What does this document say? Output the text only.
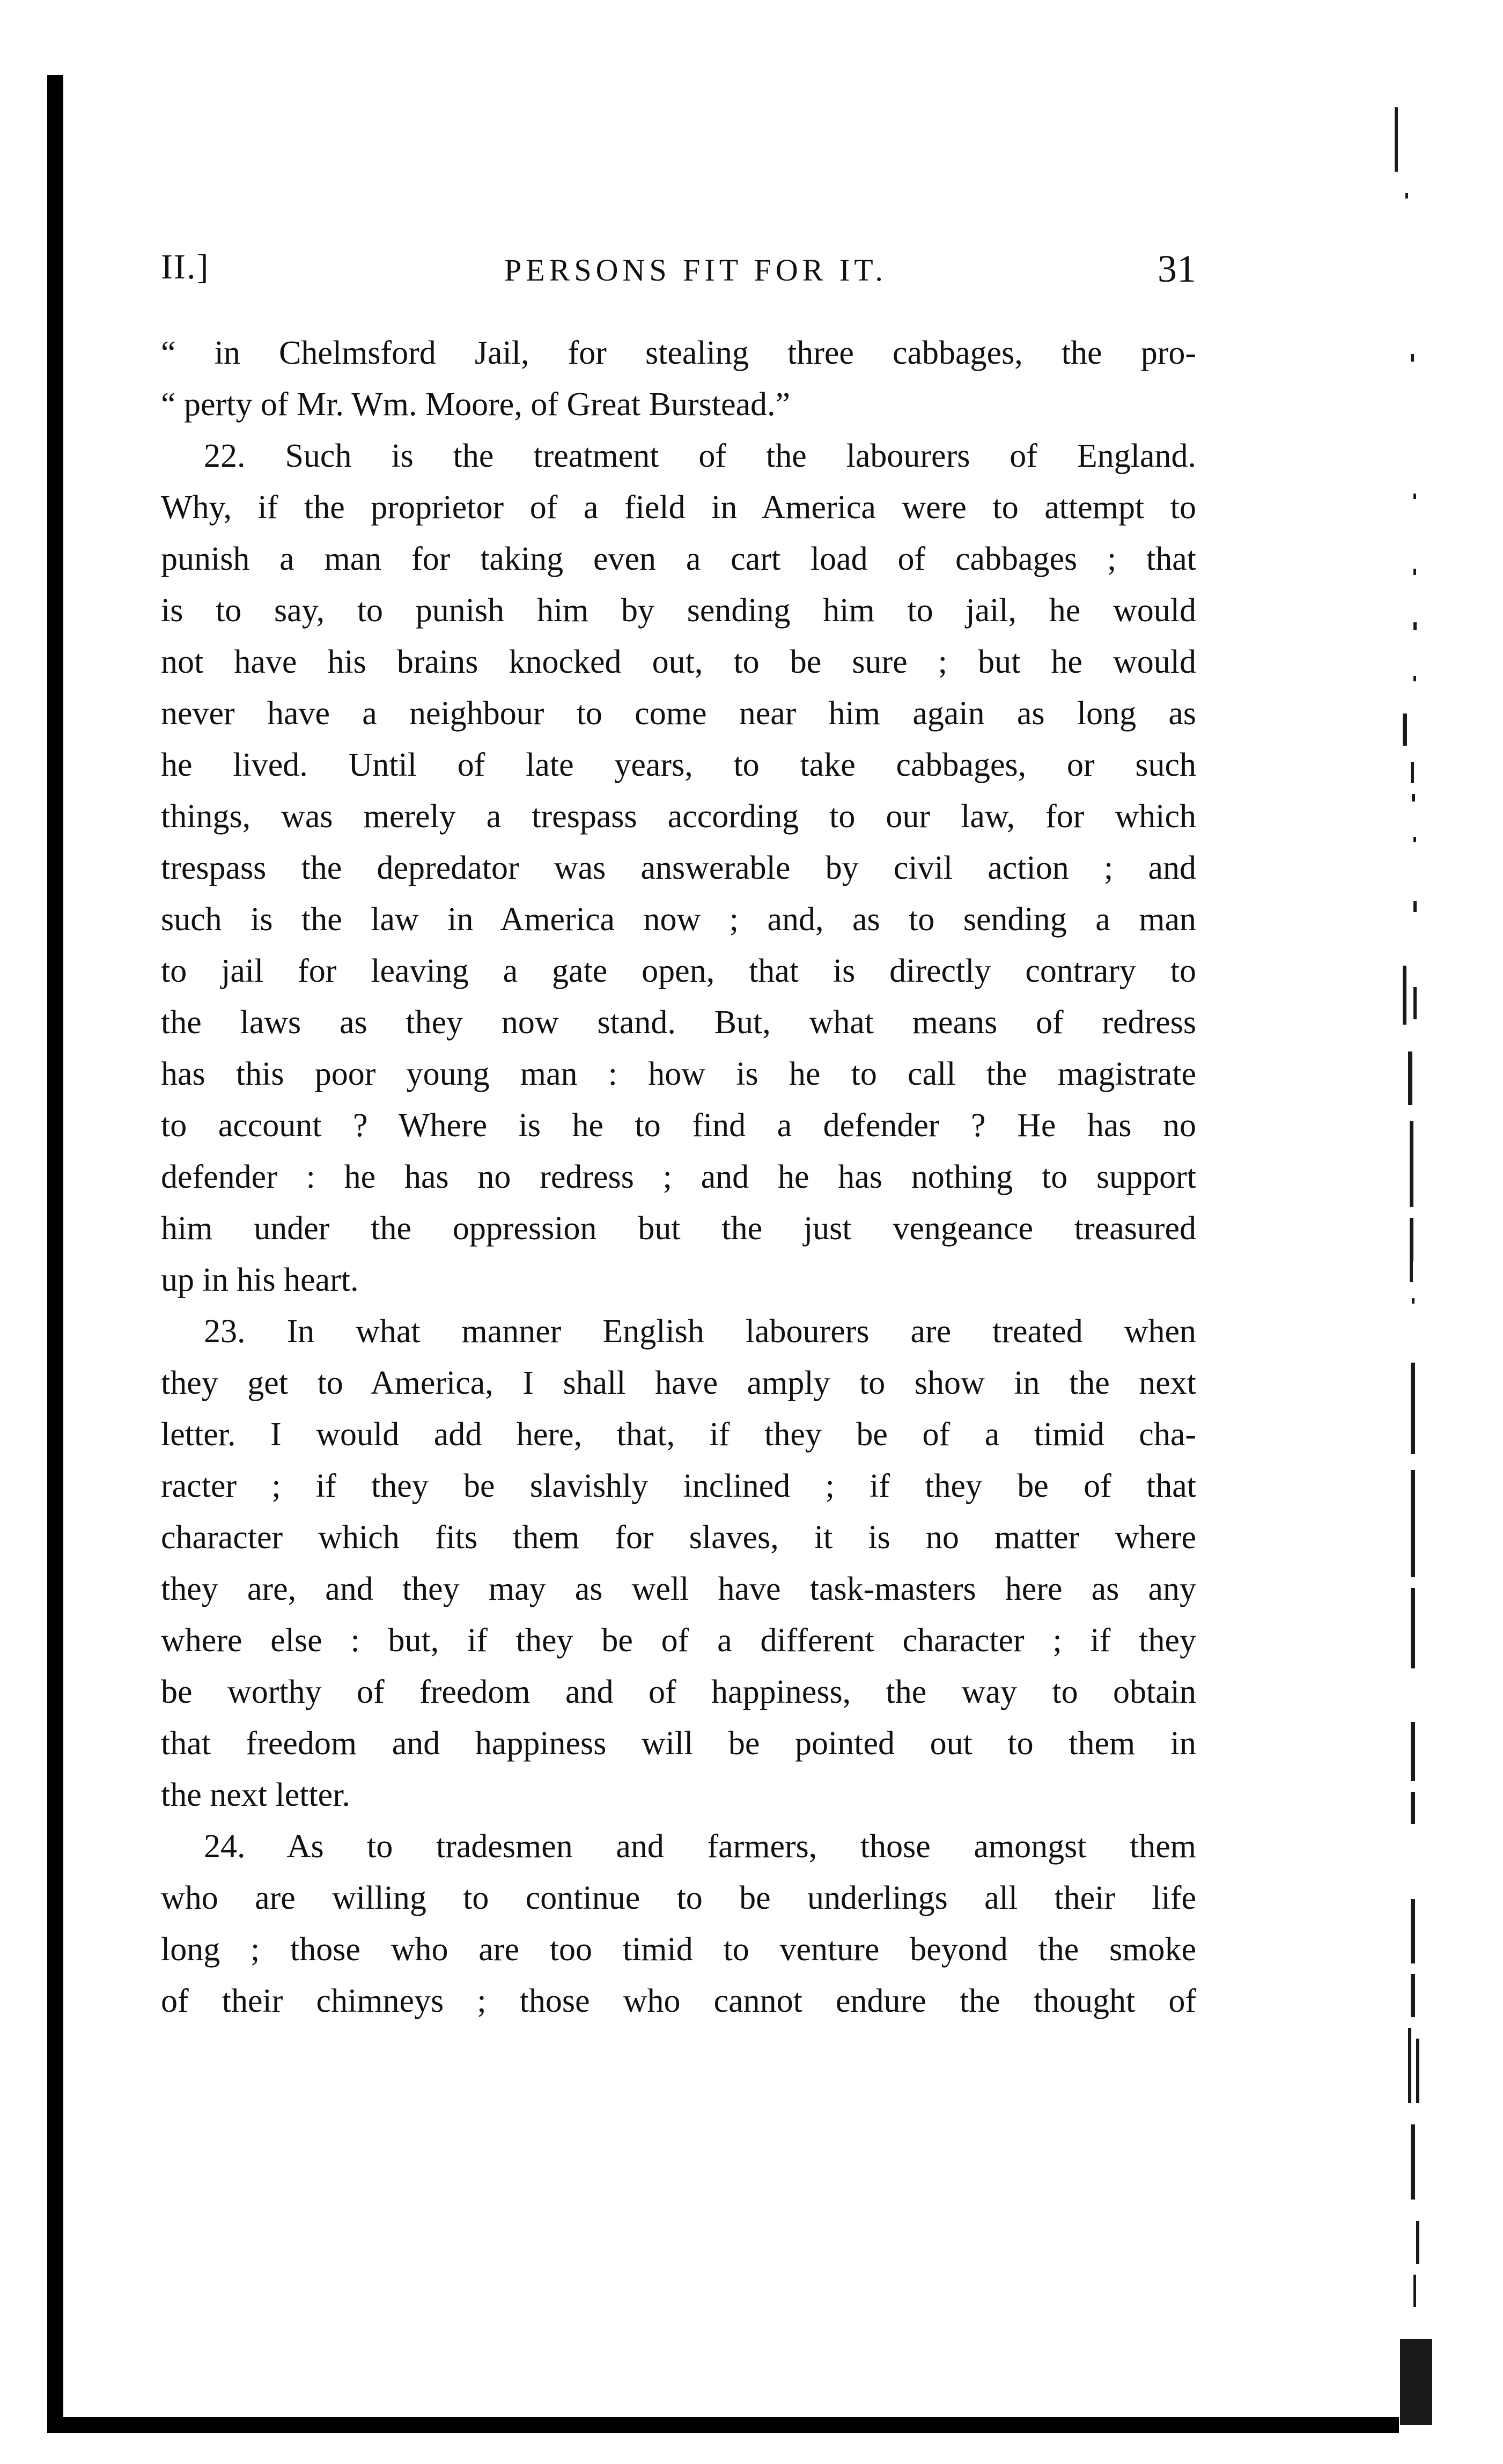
II.]	PERSONS FIT FOR IT.	31
“ in Chelmsford Jail, for stealing three cabbages, the pro-
“ perty of Mr. Wm. Moore, of Great Burstead.”
22. Such is the treatment of the labourers of England.
Why, if the proprietor of a field in America were to attempt to
punish a man for taking even a cart load of cabbages ; that
is to say, to punish him by sending him to jail, he would
not have his brains knocked out, to be sure ; but he would
never have a neighbour to come near him again as long as
he lived. Until of late years, to take cabbages, or such
things, was merely a trespass according to our law, for which
trespass the depredator was answerable by civil action ; and
such is the law in America now ; and, as to sending a man
to jail for leaving a gate open, that is directly contrary to
the laws as they now stand. But, what means of redress
has this poor young man : how is he to call the magistrate
to account ? Where is he to find a defender ? He has no
defender : he has no redress ; and he has nothing to support
him under the oppression but the just vengeance treasured
up in his heart.
23. In what manner English labourers are treated when
they get to America, I shall have amply to show in the next
letter. I would add here, that, if they be of a timid cha-
racter ; if they be slavishly inclined ; if they be of that
character which fits them for slaves, it is no matter where
they are, and they may as well have task-masters here as any
where else : but, if they be of a different character ; if they
be worthy of freedom and of happiness, the way to obtain
that freedom and happiness will be pointed out to them in
the next letter.
24. As to tradesmen and farmers, those amongst them
who are willing to continue to be underlings all their life
long ; those who are too timid to venture beyond the smoke
of their chimneys ; those who cannot endure the thought of
